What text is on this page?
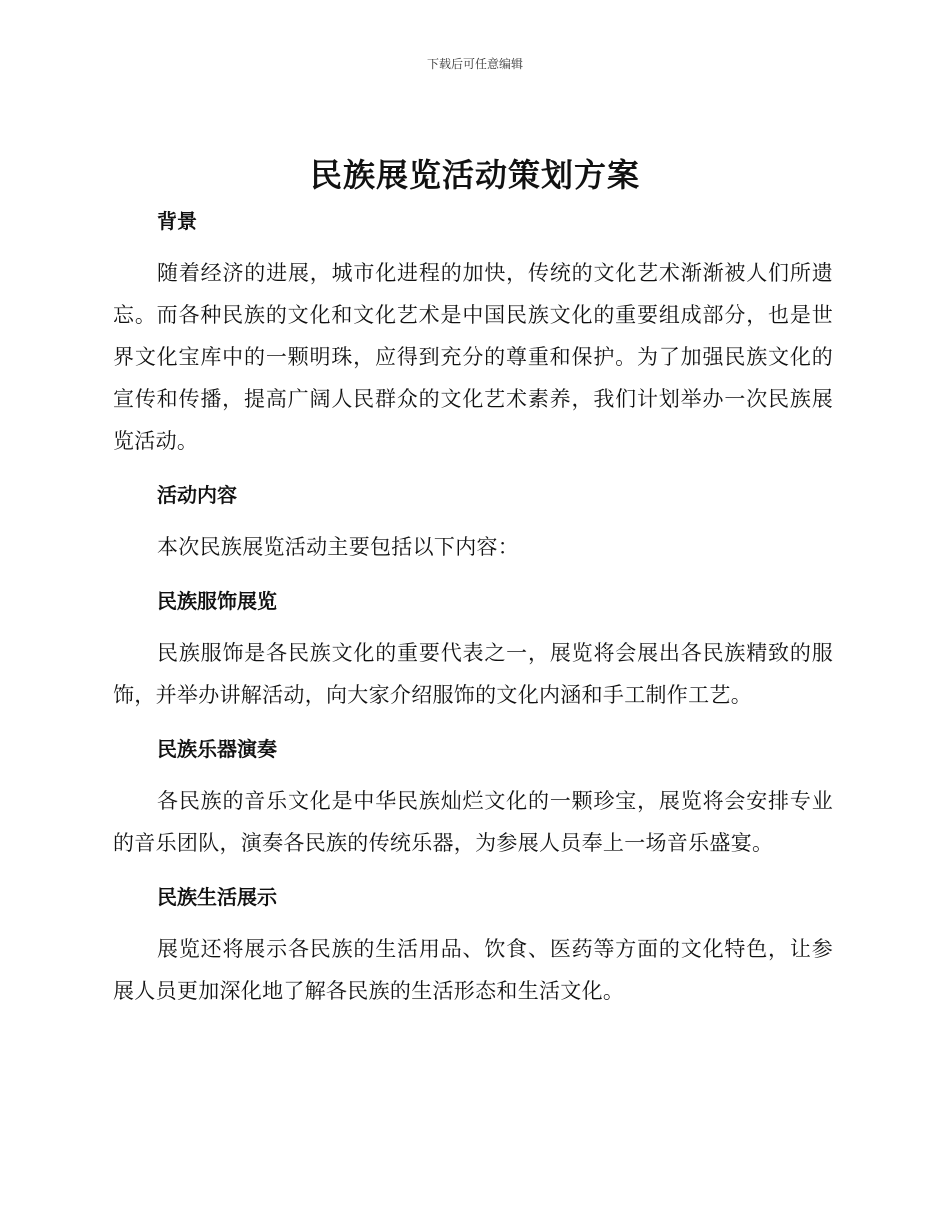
下载后可任意编辑
民族展览活动策划方案

背景

随着经济的进展，城市化进程的加快，传统的文化艺术渐渐被人们所遗忘。而各种民族的文化和文化艺术是中国民族文化的重要组成部分，也是世界文化宝库中的一颗明珠，应得到充分的尊重和保护。为了加强民族文化的宣传和传播，提高广阔人民群众的文化艺术素养，我们计划举办一次民族展览活动。

活动内容

本次民族展览活动主要包括以下内容：

民族服饰展览

民族服饰是各民族文化的重要代表之一，展览将会展出各民族精致的服饰，并举办讲解活动，向大家介绍服饰的文化内涵和手工制作工艺。

民族乐器演奏

各民族的音乐文化是中华民族灿烂文化的一颗珍宝，展览将会安排专业的音乐团队，演奏各民族的传统乐器，为参展人员奉上一场音乐盛宴。

民族生活展示

展览还将展示各民族的生活用品、饮食、医药等方面的文化特色，让参展人员更加深化地了解各民族的生活形态和生活文化。
